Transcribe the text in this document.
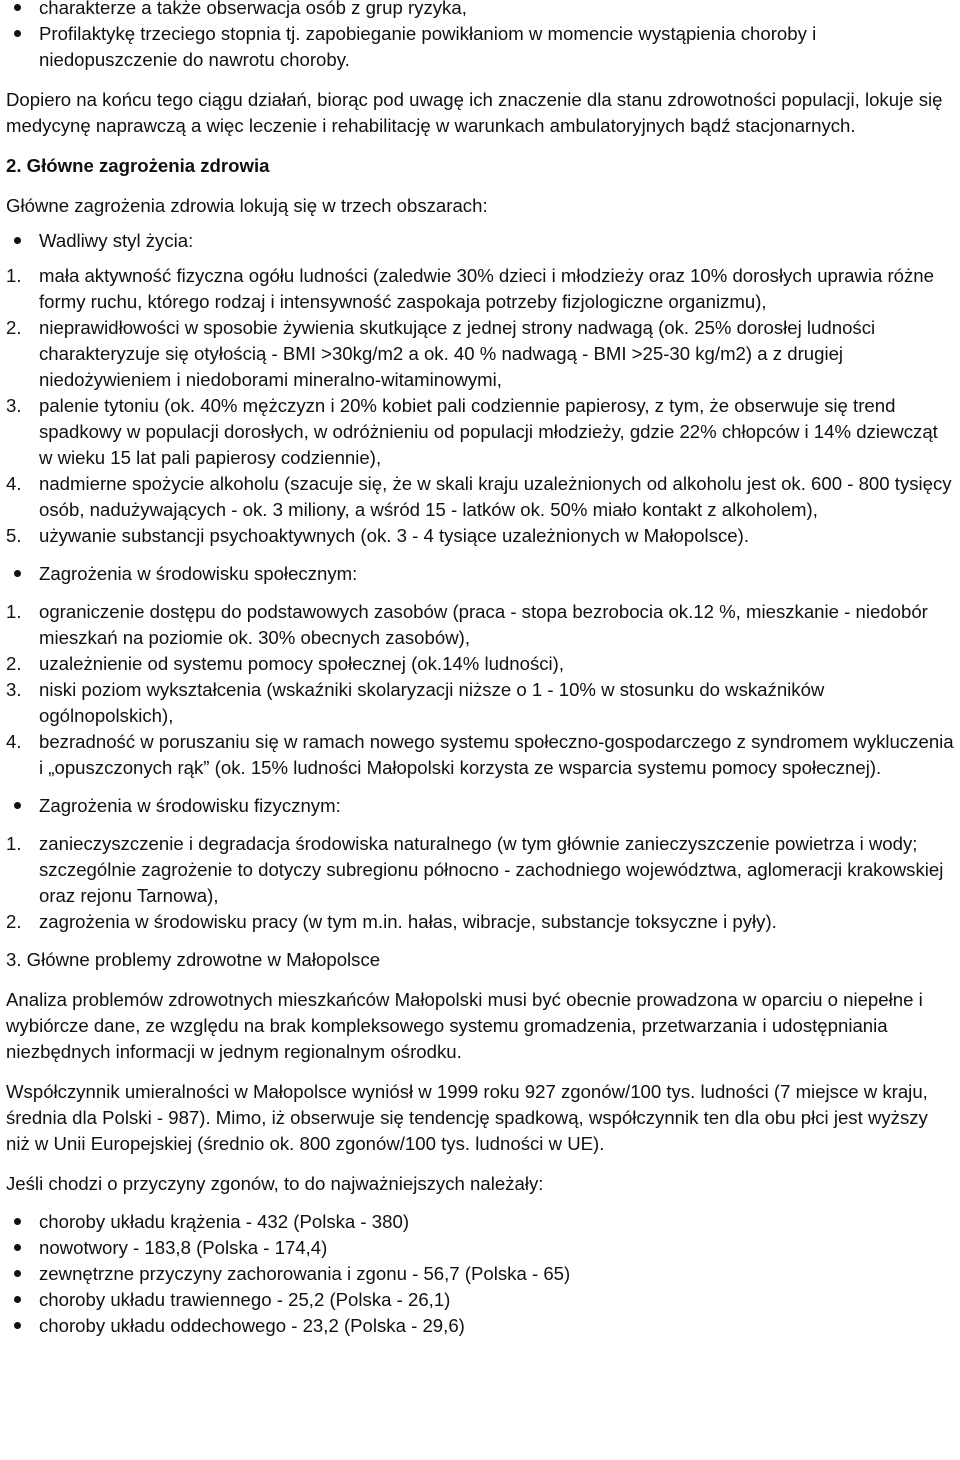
charakterze a także obserwacja osób z grup ryzyka,
Profilaktykę trzeciego stopnia tj. zapobieganie powikłaniom w momencie wystąpienia choroby i niedopuszczenie do nawrotu choroby.

Dopiero na końcu tego ciągu działań, biorąc pod uwagę ich znaczenie dla stanu zdrowotności populacji, lokuje się medycynę naprawczą a więc leczenie i rehabilitację w warunkach ambulatoryjnych bądź stacjonarnych.

2. Główne zagrożenia zdrowia

Główne zagrożenia zdrowia lokują się w trzech obszarach:

Wadliwy styl życia:
1. mała aktywność fizyczna ogółu ludności (zaledwie 30% dzieci i młodzieży oraz 10% dorosłych uprawia różne formy ruchu, którego rodzaj i intensywność zaspokaja potrzeby fizjologiczne organizmu),
2. nieprawidłowości w sposobie żywienia skutkujące z jednej strony nadwagą (ok. 25% dorosłej ludności charakteryzuje się otyłością - BMI >30kg/m2 a ok. 40 % nadwagą - BMI >25-30 kg/m2) a z drugiej niedożywieniem i niedoborami mineralno-witaminowymi,
3. palenie tytoniu (ok. 40% mężczyzn i 20% kobiet pali codziennie papierosy, z tym, że obserwuje się trend spadkowy w populacji dorosłych, w odróżnieniu od populacji młodzieży, gdzie 22% chłopców i 14% dziewcząt w wieku 15 lat pali papierosy codziennie),
4. nadmierne spożycie alkoholu (szacuje się, że w skali kraju uzależnionych od alkoholu jest ok. 600 - 800 tysięcy osób, nadużywających - ok. 3 miliony, a wśród 15 - latków ok. 50% miało kontakt z alkoholem),
5. używanie substancji psychoaktywnych (ok. 3 - 4 tysiące uzależnionych w Małopolsce).
Zagrożenia w środowisku społecznym:
1. ograniczenie dostępu do podstawowych zasobów (praca - stopa bezrobocia ok.12 %, mieszkanie - niedobór mieszkań na poziomie ok. 30% obecnych zasobów),
2. uzależnienie od systemu pomocy społecznej (ok.14% ludności),
3. niski poziom wykształcenia (wskaźniki skolaryzacji niższe o 1 - 10% w stosunku do wskaźników ogólnopolskich),
4. bezradność w poruszaniu się w ramach nowego systemu społeczno-gospodarczego z syndromem wykluczenia i „opuszczonych rąk” (ok. 15% ludności Małopolski korzysta ze wsparcia systemu pomocy społecznej).
Zagrożenia w środowisku fizycznym:
1. zanieczyszczenie i degradacja środowiska naturalnego (w tym głównie zanieczyszczenie powietrza i wody; szczególnie zagrożenie to dotyczy subregionu północno - zachodniego województwa, aglomeracji krakowskiej oraz rejonu Tarnowa),
2. zagrożenia w środowisku pracy (w tym m.in. hałas, wibracje, substancje toksyczne i pyły).

3. Główne problemy zdrowotne w Małopolsce

Analiza problemów zdrowotnych mieszkańców Małopolski musi być obecnie prowadzona w oparciu o niepełne i wybiórcze dane, ze względu na brak kompleksowego systemu gromadzenia, przetwarzania i udostępniania niezbędnych informacji w jednym regionalnym ośrodku.

Współczynnik umieralności w Małopolsce wyniósł w 1999 roku 927 zgonów/100 tys. ludności (7 miejsce w kraju, średnia dla Polski - 987). Mimo, iż obserwuje się tendencję spadkową, współczynnik ten dla obu płci jest wyższy niż w Unii Europejskiej (średnio ok. 800 zgonów/100 tys. ludności w UE).

Jeśli chodzi o przyczyny zgonów, to do najważniejszych należały:

choroby układu krążenia - 432 (Polska - 380)
nowotwory - 183,8 (Polska - 174,4)
zewnętrzne przyczyny zachorowania i zgonu - 56,7 (Polska - 65)
choroby układu trawiennego - 25,2 (Polska - 26,1)
choroby układu oddechowego - 23,2 (Polska - 29,6)
